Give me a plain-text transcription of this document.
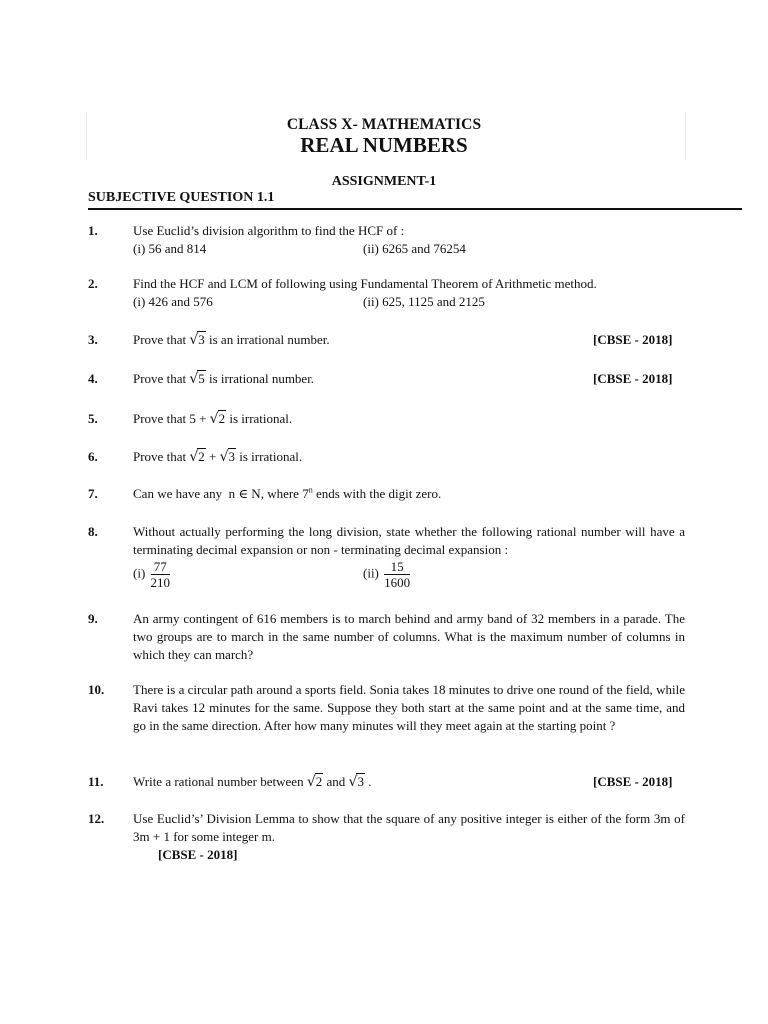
CLASS X- MATHEMATICS
REAL NUMBERS
ASSIGNMENT-1
SUBJECTIVE QUESTION 1.1
1.	Use Euclid’s division algorithm to find the HCF of :
(i) 56 and 814	(ii) 6265 and 76254
2.	Find the HCF and LCM of following using Fundamental Theorem of Arithmetic method.
(i) 426 and 576	(ii) 625, 1125 and 2125
3.	Prove that √3 is an irrational number.	[CBSE - 2018]
4.	Prove that √5 is irrational number.	[CBSE - 2018]
5.	Prove that 5 + √2 is irrational.
6.	Prove that √2 + √3 is irrational.
7.	Can we have any n ∈ N, where 7$^n$ ends with the digit zero.
8.	Without actually performing the long division, state whether the following rational number will have a terminating decimal expansion or non - terminating decimal expansion :
$(i) \frac{77}{210}$	$(ii) \frac{15}{1600}$
9.	An army contingent of 616 members is to march behind and army band of 32 members in a parade. The two groups are to march in the same number of columns. What is the maximum number of columns in which they can march?
10. There is a circular path around a sports field. Sonia takes 18 minutes to drive one round of the field, while Ravi takes 12 minutes for the same. Suppose they both start at the same point and at the same time, and go in the same direction. After how many minutes will they meet again at the starting point ?
11. Write a rational number between √2 and √3 .	[CBSE - 2018]
12. Use Euclid’s’ Division Lemma to show that the square of any positive integer is either of the form 3m of 3m + 1 for some integer m.
[CBSE - 2018]
